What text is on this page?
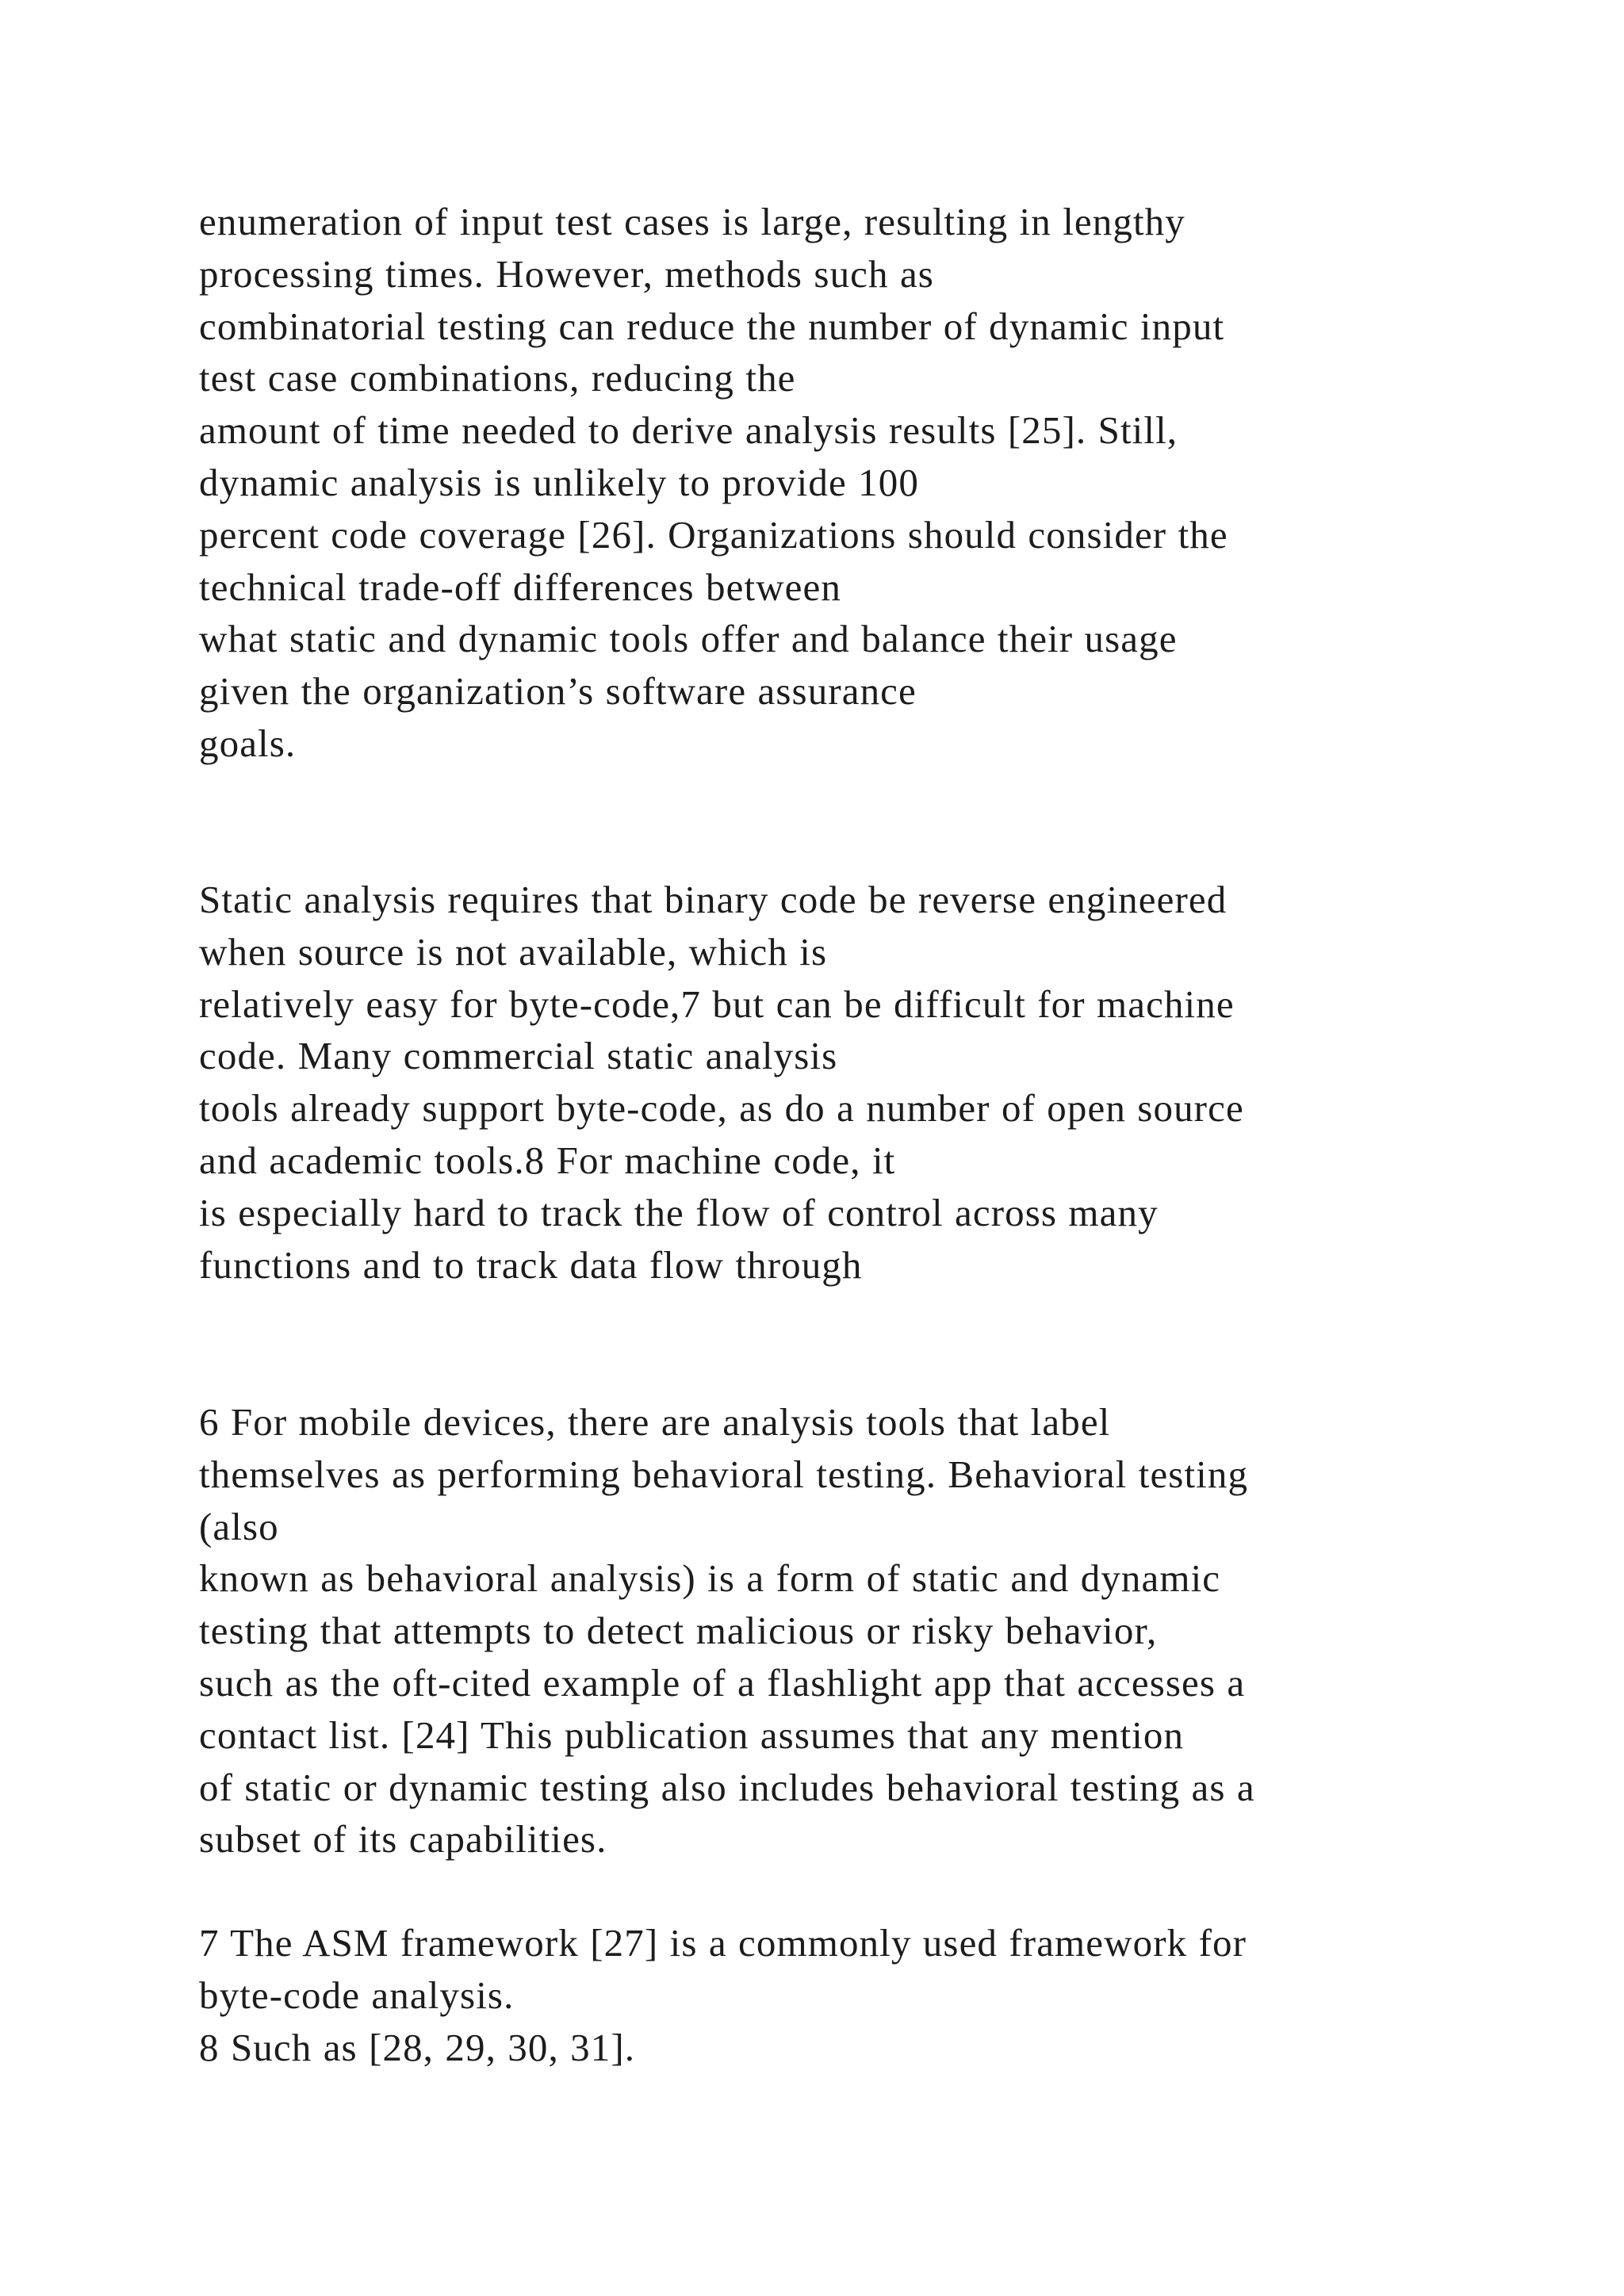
enumeration of input test cases is large, resulting in lengthy
processing times. However, methods such as
combinatorial testing can reduce the number of dynamic input
test case combinations, reducing the
amount of time needed to derive analysis results [25]. Still,
dynamic analysis is unlikely to provide 100
percent code coverage [26]. Organizations should consider the
technical trade-off differences between
what static and dynamic tools offer and balance their usage
given the organization’s software assurance
goals.

Static analysis requires that binary code be reverse engineered
when source is not available, which is
relatively easy for byte-code,7 but can be difficult for machine
code. Many commercial static analysis
tools already support byte-code, as do a number of open source
and academic tools.8 For machine code, it
is especially hard to track the flow of control across many
functions and to track data flow through

6 For mobile devices, there are analysis tools that label
themselves as performing behavioral testing. Behavioral testing
(also
known as behavioral analysis) is a form of static and dynamic
testing that attempts to detect malicious or risky behavior,
such as the oft-cited example of a flashlight app that accesses a
contact list. [24] This publication assumes that any mention
of static or dynamic testing also includes behavioral testing as a
subset of its capabilities.

7 The ASM framework [27] is a commonly used framework for
byte-code analysis.
8 Such as [28, 29, 30, 31].
